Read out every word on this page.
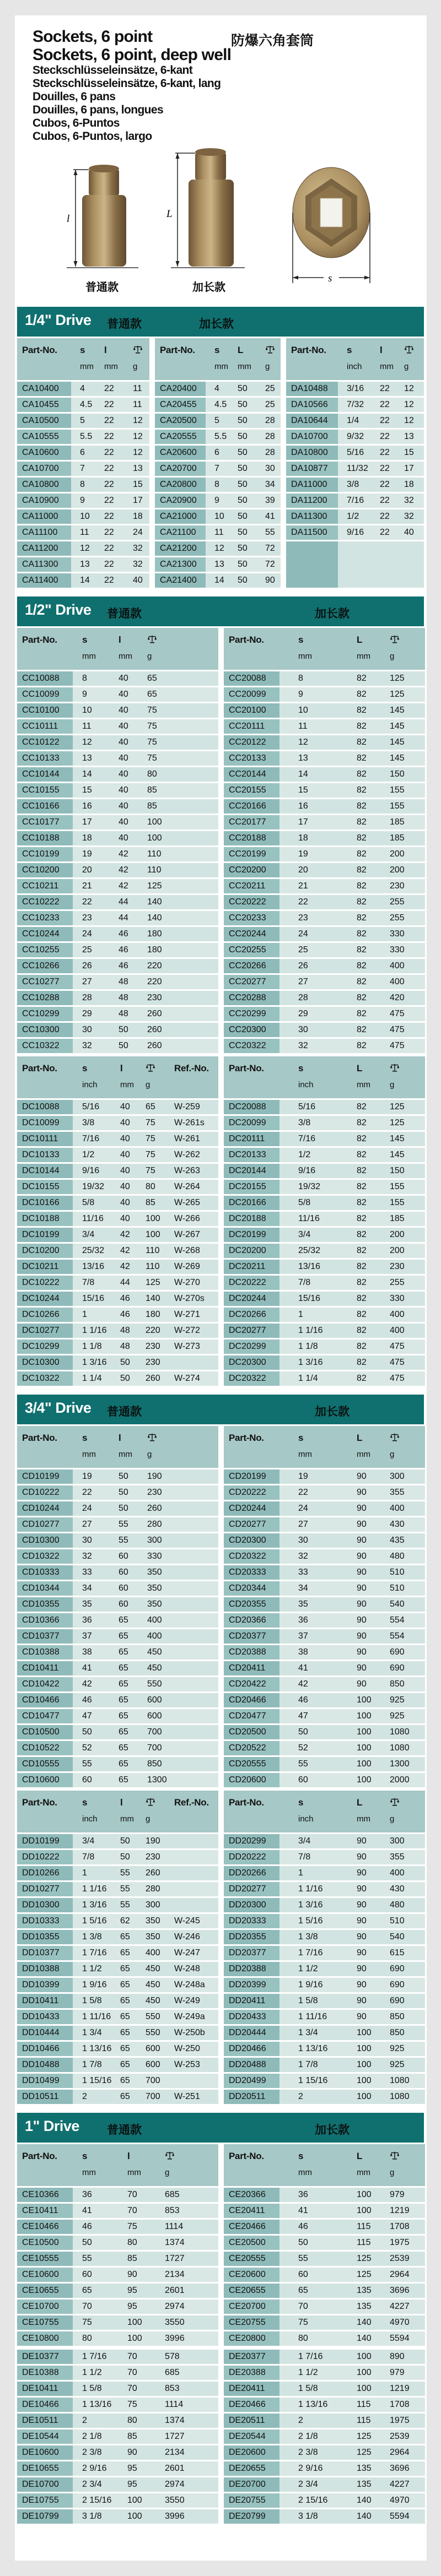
Sockets, 6 point	防爆六角套筒

Sockets, 6 point, deep well

Steckschlüsseleinsätze, 6-kant

Steckschlüsseleinsätze, 6-kant, lang

Douilles, 6 pans

Douilles, 6 pans, longues

Cubos, 6-Puntos

Cubos, 6-Puntos, largo

l	L
s
普通款	加长款
1/4" Drive 普通款	加长款
Part-No.	s
mm
l
mm	g
CA10400	4	22	11
CA10455	4.5	22	11
CA10500	5	22	12
CA10555	5.5	22	12
CA10600	6	22	12
CA10700	7	22	13
CA10800	8	22	15
CA10900	9	22	17
CA11000	10	22	18
CA11100	11	22	24
CA11200	12	22	32
CA11300	13	22	32
CA11400	14	22	40
Part-No.	s
mm
L
mm	g
CA20400	4	50	25
CA20455	4.5	50	25
CA20500	5	50	28
CA20555	5.5	50	28
CA20600	6	50	28
CA20700	7	50	30
CA20800	8	50	34
CA20900	9	50	39
CA21000	10	50	41
CA21100	11	50	55
CA21200	12	50	72
CA21300	13	50	72
CA21400	14	50	90
Part-No.	s
inch
l
mm g
DA10488	3/16	22	12
DA10566	7/32	22	12
DA10644	1/4	22	12
DA10700	9/32	22	13
DA10800	5/16	22	15
DA10877	11/32	22	17
DA11000	3/8	22	18
DA11200	7/16	22	32
DA11300	1/2	22	32
DA11500	9/16	22	40
1/2" Drive 普通款	加长款
Part-No.	s
mm
l
mm	g
CC10088	8	40	65
CC10099	9	40	65
CC10100	10	40	75
CC10111	11	40	75
CC10122	12	40	75
CC10133	13	40	75
CC10144	14	40	80
CC10155	15	40	85
CC10166	16	40	85
CC10177	17	40	100
CC10188	18	40	100
CC10199	19	42	110
CC10200	20	42	110
CC10211	21	42	125
CC10222	22	44	140
CC10233	23	44	140
CC10244	24	46	180
CC10255	25	46	180
CC10266	26	46	220
CC10277	27	48	220
CC10288	28	48	230
CC10299	29	48	260
CC10300	30	50	260
CC10322	32	50	260
Part-No.	s
mm
L
mm	g
CC20088	8	82	125
CC20099	9	82	125
CC20100	10	82	145
CC20111	11	82	145
CC20122	12	82	145
CC20133	13	82	145
CC20144	14	82	150
CC20155	15	82	155
CC20166	16	82	155
CC20177	17	82	185
CC20188	18	82	185
CC20199	19	82	200
CC20200	20	82	200
CC20211	21	82	230
CC20222	22	82	255
CC20233	23	82	255
CC20244	24	82	330
CC20255	25	82	330
CC20266	26	82	400
CC20277	27	82	400
CC20288	28	82	420
CC20299	29	82	475
CC20300	30	82	475
CC20322	32	82	475
Part-No.	s
inch
l
mm	g
Ref.-No.
DC10088	5/16	40	65	W-259
DC10099	3/8	40	75	W-261s
DC10111	7/16	40	75	W-261
DC10133	1/2	40	75	W-262
DC10144	9/16	40	75	W-263
DC10155	19/32	40	80	W-264
DC10166	5/8	40	85	W-265
DC10188	11/16	40	100	W-266
DC10199	3/4	42	100	W-267
DC10200	25/32	42	110	W-268
DC10211	13/16	42	110	W-269
DC10222	7/8	44	125	W-270
DC10244	15/16	46	140	W-270s
DC10266	1	46	180	W-271
DC10277	1 1/16	48	220	W-272
DC10299	1 1/8	48	230	W-273
DC10300	1 3/16	50	230
DC10322	1 1/4	50	260	W-274
Part-No.	s
inch
L
mm	g
DC20088	5/16	82	125
DC20099	3/8	82	125
DC20111	7/16	82	145
DC20133	1/2	82	145
DC20144	9/16	82	150
DC20155	19/32	82	155
DC20166	5/8	82	155
DC20188	11/16	82	185
DC20199	3/4	82	200
DC20200	25/32	82	200
DC20211	13/16	82	230
DC20222	7/8	82	255
DC20244	15/16	82	330
DC20266	1	82	400
DC20277	1 1/16	82	400
DC20299	1 1/8	82	475
DC20300	1 3/16	82	475
DC20322	1 1/4	82	475
3/4" Drive 普通款	加长款
Part-No.	s
mm
l
mm	g
CD10199	19	50	190
CD10222	22	50	230
CD10244	24	50	260
CD10277	27	55	280
CD10300	30	55	300
CD10322	32	60	330
CD10333	33	60	350
CD10344	34	60	350
CD10355	35	60	350
CD10366	36	65	400
CD10377	37	65	400
CD10388	38	65	450
CD10411	41	65	450
CD10422	42	65	550
CD10466	46	65	600
CD10477	47	65	600
CD10500	50	65	700
CD10522	52	65	700
CD10555	55	65	850
CD10600	60	65	1300
Part-No.	s
mm
L
mm	g
CD20199	19	90	300
CD20222	22	90	355
CD20244	24	90	400
CD20277	27	90	430
CD20300	30	90	435
CD20322	32	90	480
CD20333	33	90	510
CD20344	34	90	510
CD20355	35	90	540
CD20366	36	90	554
CD20377	37	90	554
CD20388	38	90	690
CD20411	41	90	690
CD20422	42	90	850
CD20466	46	100	925
CD20477	47	100	925
CD20500	50	100	1080
CD20522	52	100	1080
CD20555	55	100	1300
CD20600	60	100	2000
Part-No.	s
inch
l
mm	g
Ref.-No.
DD10199	3/4	50	190
DD10222	7/8	50	230
DD10266	1	55	260
DD10277	1 1/16	55	280
DD10300	1 3/16	55	300
DD10333	1 5/16	62	350	W-245
DD10355	1 3/8	65	350	W-246
DD10377	1 7/16	65	400	W-247
DD10388	1 1/2	65	450	W-248
DD10399	1 9/16	65	450	W-248a
DD10411	1 5/8	65	450	W-249
DD10433	1 11/16	65	550	W-249a
DD10444	1 3/4	65	550	W-250b
DD10466	1 13/16 65	600	W-250
DD10488	1 7/8	65	600	W-253
DD10499	1 15/16 65	700
DD10511	2	65	700	W-251
Part-No.	s
inch
L
mm	g
DD20299	3/4	90	300
DD20222	7/8	90	355
DD20266	1	90	400
DD20277	1 1/16	90	430
DD20300	1 3/16	90	480
DD20333	1 5/16	90	510
DD20355	1 3/8	90	540
DD20377	1 7/16	90	615
DD20388	1 1/2	90	690
DD20399	1 9/16	90	690
DD20411	1 5/8	90	690
DD20433	1 11/16	90	850
DD20444	1 3/4	100	850
DD20466	1 13/16	100	925
DD20488	1 7/8	100	925
DD20499	1 15/16	100	1080
DD20511	2	100	1080
1" Drive 普通款	加长款
Part-No.	s
mm
l
mm	g
CE10366	36	70	685
CE10411	41	70	853
CE10466	46	75	1114
CE10500	50	80	1374
CE10555	55	85	1727
CE10600	60	90	2134
CE10655	65	95	2601
CE10700	70	95	2974
CE10755	75	100	3550
CE10800	80	100	3996
DE10377	1 7/16	70	578
DE10388	1 1/2	70	685
DE10411	1 5/8	70	853
DE10466	1 13/16	75	1114
DE10511	2	80	1374
DE10544	2 1/8	85	1727
DE10600	2 3/8	90	2134
DE10655	2 9/16	95	2601
DE10700	2 3/4	95	2974
DE10755	2 15/16	100	3550
DE10799	3 1/8	100	3996
Part-No.	s
mm
L
mm	g
CE20366	36	100	979
CE20411	41	100	1219
CE20466	46	115	1708
CE20500	50	115	1975
CE20555	55	125	2539
CE20600	60	125	2964
CE20655	65	135	3696
CE20700	70	135	4227
CE20755	75	140	4970
CE20800	80	140	5594
DE20377	1 7/16	100	890
DE20388	1 1/2	100	979
DE20411	1 5/8	100	1219
DE20466	1 13/16	115	1708
DE20511	2	115	1975
DE20544	2 1/8	125	2539
DE20600	2 3/8	125	2964
DE20655	2 9/16	135	3696
DE20700	2 3/4	135	4227
DE20755	2 15/16	140	4970
DE20799	3 1/8	140	5594
